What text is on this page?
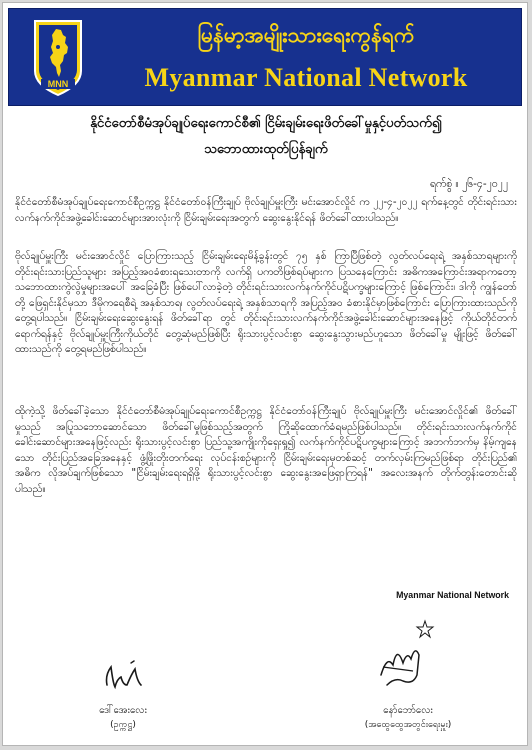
MNN
မြန်မာ့အမျိုးသားရေးကွန်ရက်
Myanmar National Network
နိုင်ငံတော်စီမံအုပ်ချုပ်ရေးကောင်စီ၏ ငြိမ်းချမ်းရေးဖိတ်ခေါ်မှုနှင့်ပတ်သက်၍
သဘောထားထုတ်ပြန်ချက်
ရက်စွဲ ။ ၂၆-၄-၂၀၂၂
နိုင်ငံတော်စီမံအုပ်ချုပ်ရေးကောင်စီဥက္ကဋ္ဌ နိုင်ငံတော်ဝန်ကြီးချုပ် ဗိုလ်ချုပ်မှူးကြီး မင်းအောင်လှိုင် က ၂၂-၄-၂၀၂၂ ရက်နေ့တွင် တိုင်းရင်းသားလက်နက်ကိုင်အဖွဲ့ခေါင်းဆောင်များအားလုံးကို ငြိမ်းချမ်းရေးအတွက် ဆွေးနွေးနိုင်ရန် ဖိတ်ခေါ်ထားပါသည်။
ဗိုလ်ချုပ်မှူးကြီး မင်းအောင်လှိုင် ပြောကြားသည့် ငြိမ်းချမ်းရေးမိန့်ခွန်းတွင် ၇၅ နှစ် ကြာပြီဖြစ်တဲ့ လွတ်လပ်ရေးရဲ့ အနှစ်သာရများကို တိုင်းရင်းသားပြည်သူများ အပြည့်အဝခံစားရသေးတာကို လက်ရှိ ပကတိဖြစ်ရပ်များက ပြသနေကြောင်း အဓိကအကြောင်းအရာကတော့ သဘောထားကွဲလွဲမှုများအပေါ် အခြေခံပြီး ဖြစ်ပေါ်လာခဲ့တဲ့ တိုင်းရင်းသားလက်နက်ကိုင်ပဋိပက္ခများကြောင့် ဖြစ်ကြောင်း၊ ဒါကို ကျွန်တော်တို့ ဖြေရှင်းနိုင်မှသာ ဒီမိုကရေစီရဲ့ အနှစ်သာရ၊ လွတ်လပ်ရေးရဲ့ အနှစ်သာရကို အပြည့်အဝ ခံစားနိုင်မှာဖြစ်ကြောင်း ပြောကြားထားသည်ကို တွေ့ရပါသည်။ ငြိမ်းချမ်းရေးဆွေးနွေးရန် ဖိတ်ခေါ်ရာ တွင် တိုင်းရင်းသားလက်နက်ကိုင်အဖွဲ့ခေါင်းဆောင်များအနေဖြင့် ကိုယ်တိုင်တက်ရောက်ရန်နှင့် ဗိုလ်ချုပ်မှူးကြီးကိုယ်တိုင် တွေ့ဆုံမည်ဖြစ်ပြီး ရိုးသားပွင့်လင်းစွာ ဆွေးနွေးသွားမည်ဟူသော ဖိတ်ခေါ်မှု မျိုးဖြင့် ဖိတ်ခေါ်ထားသည်ကို တွေ့ရမည်ဖြစ်ပါသည်။
ထိုကဲ့သို့ ဖိတ်ခေါ်ခဲ့သော နိုင်ငံတော်စီမံအုပ်ချုပ်ရေးကောင်စီဥက္ကဋ္ဌ နိုင်ငံတော်ဝန်ကြီးချုပ် ဗိုလ်ချုပ်မှူးကြီး မင်းအောင်လှိုင်၏ ဖိတ်ခေါ်မှုသည် အပြုသဘောဆောင်သော ဖိတ်ခေါ်မှုဖြစ်သည့်အတွက် ကြိုဆိုထောက်ခံရမည်ဖြစ်ပါသည်။ တိုင်းရင်းသားလက်နက်ကိုင် ခေါင်းဆောင်များအနေဖြင့်လည်း ရိုးသားပွင့်လင်းစွာ ပြည်သူ့အကျိုးကိုရှေးရှု၍ လက်နက်ကိုင်ပဋိပက္ခများကြောင့် အဘက်ဘက်မှ နိမ့်ကျနေသော တိုင်းပြည်အခြေအနေနှင့် ဖွံ့ဖြိုးတိုးတက်ရေး လုပ်ငန်းစဉ်များကို ငြိမ်းချမ်းရေးမှတစ်ဆင့် တက်လှမ်းကြမည်ဖြစ်ရာ တိုင်းပြည်၏ အဓိက လိုအပ်ချက်ဖြစ်သော "ငြိမ်းချမ်းရေးရရှိဖို့ ရိုးသားပွင့်လင်းစွာ ဆွေးနွေးအဖြေရှာကြရန်" အလေးအနက် တိုက်တွန်းတောင်းဆိုပါသည်။
Myanmar National Network
ဒေါ်အေးလေး
(ဥက္ကဋ္ဌ)
နော်ဘော်လေး
(အထွေထွေအတွင်းရေးမှူး)
